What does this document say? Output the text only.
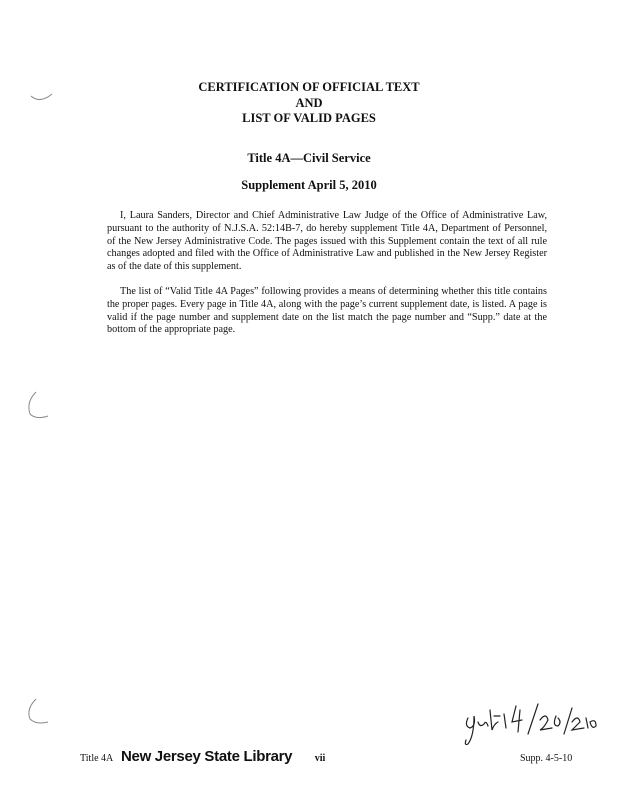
CERTIFICATION OF OFFICIAL TEXT
AND
LIST OF VALID PAGES
Title 4A—Civil Service
Supplement April 5, 2010
I, Laura Sanders, Director and Chief Administrative Law Judge of the Office of Administrative Law, pursuant to the authority of N.J.S.A. 52:14B-7, do hereby supplement Title 4A, Department of Personnel, of the New Jersey Administrative Code. The pages issued with this Supplement contain the text of all rule changes adopted and filed with the Office of Administrative Law and published in the New Jersey Register as of the date of this supplement.
The list of “Valid Title 4A Pages” following provides a means of determining whether this title contains the proper pages. Every page in Title 4A, along with the page’s current supplement date, is listed. A page is valid if the page number and supplement date on the list match the page number and “Supp.” date at the bottom of the appropriate page.
Title 4A New Jersey State Library	vii	Supp. 4-5-10
